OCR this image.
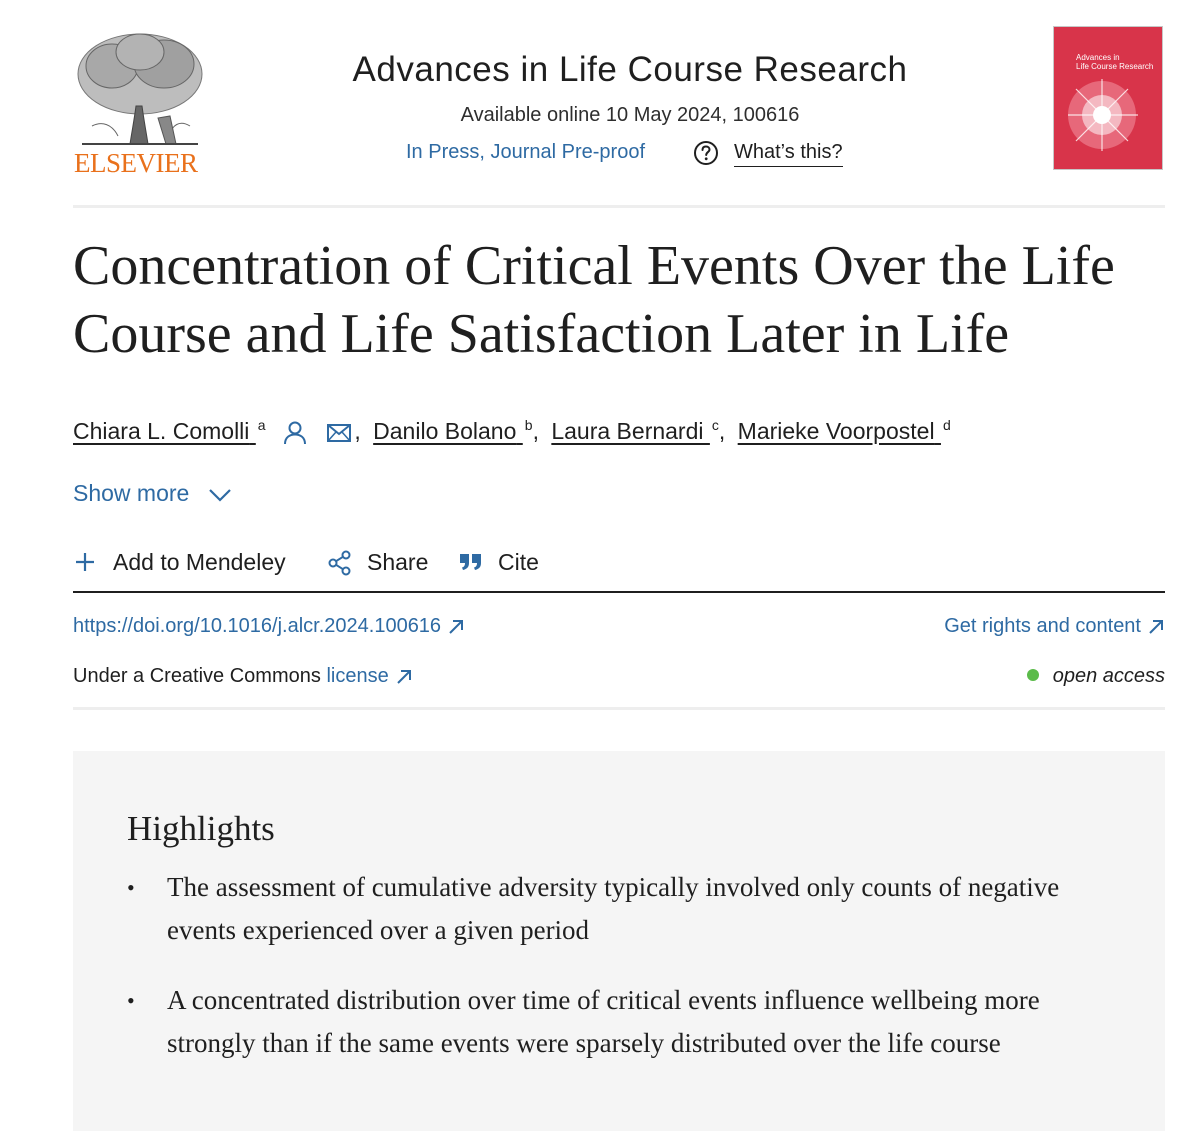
ELSEVIER
Advances in Life Course Research
Available online 10 May 2024, 100616
In Press, Journal Pre-proof	What’s this?
Advances in
Life Course Research
Concentration of Critical Events Over the Life Course and Life Satisfaction Later in Life
Chiara L. Comolli $^a$	, Danilo Bolano $^b$, Laura Bernardi $^c$, Marieke Voorpostel $^d$
Show more
Add to Mendeley	Share	Cite
https://doi.org/10.1016/j.alcr.2024.100616	Get rights and content
Under a Creative Commons license	open access
Highlights
• The assessment of cumulative adversity typically involved only counts of negative events experienced over a given period
• A concentrated distribution over time of critical events influence wellbeing more strongly than if the same events were sparsely distributed over the life course
